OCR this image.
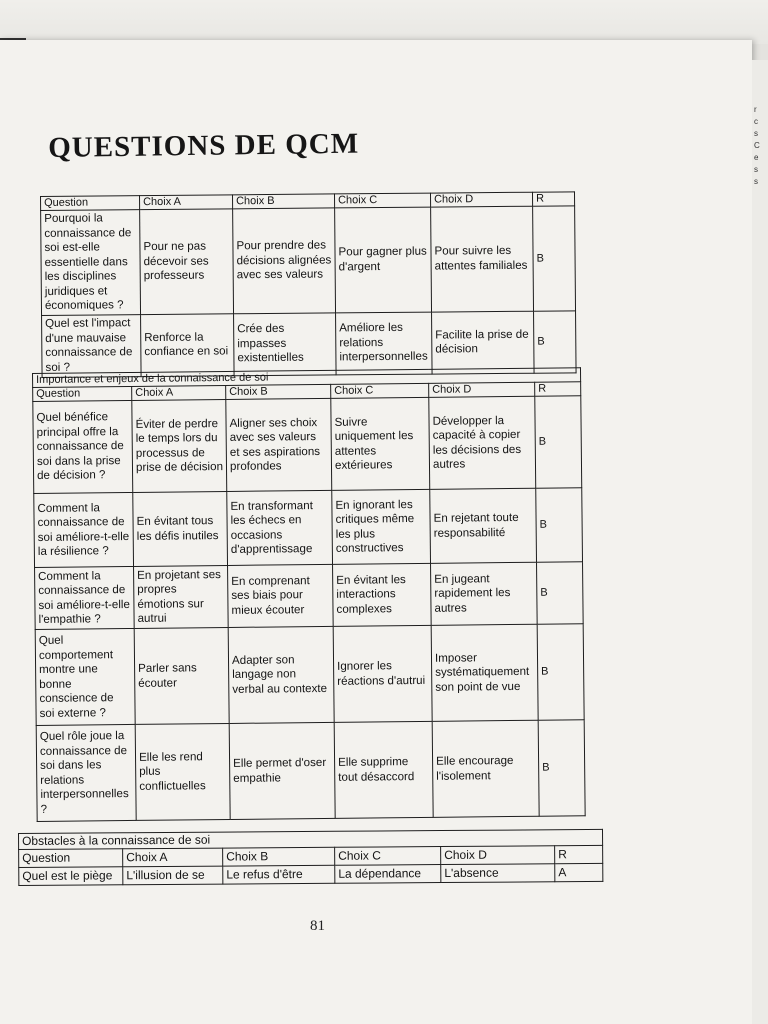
r
c
s
C
e
s
s
QUESTIONS DE QCM
Question	Choix A	Choix B	Choix C	Choix D	R
Pourquoi la connaissance de soi est-elle essentielle dans les disciplines juridiques et économiques ?	Pour ne pas décevoir ses professeurs	Pour prendre des décisions alignées avec ses valeurs	Pour gagner plus d'argent	Pour suivre les attentes familiales	B
Quel est l'impact d'une mauvaise connaissance de soi ?	Renforce la confiance en soi	Crée des impasses existentielles	Améliore les relations interpersonnelles	Facilite la prise de décision	B
Importance et enjeux de la connaissance de soi					
Question	Choix A	Choix B	Choix C	Choix D	R
Quel bénéfice principal offre la connaissance de soi dans la prise de décision ?	Éviter de perdre le temps lors du processus de prise de décision	Aligner ses choix avec ses valeurs et ses aspirations profondes	Suivre uniquement les attentes extérieures	Développer la capacité à copier les décisions des autres	B
Comment la connaissance de soi améliore-t-elle la résilience ?	En évitant tous les défis inutiles	En transformant les échecs en occasions d'apprentissage	En ignorant les critiques même les plus constructives	En rejetant toute responsabilité	B
Comment la connaissance de soi améliore-t-elle l'empathie ?	En projetant ses propres émotions sur autrui	En comprenant ses biais pour mieux écouter	En évitant les interactions complexes	En jugeant rapidement les autres	B
Quel comportement montre une bonne conscience de soi externe ?	Parler sans écouter	Adapter son langage non verbal au contexte	Ignorer les réactions d'autrui	Imposer systématiquement son point de vue	B
Quel rôle joue la connaissance de soi dans les relations interpersonnelles ?	Elle les rend plus conflictuelles	Elle permet d'oser empathie	Elle supprime tout désaccord	Elle encourage l'isolement	B
Obstacles à la connaissance de soi					
Question	Choix A	Choix B	Choix C	Choix D	R
Quel est le piège	L'illusion de se	Le refus d'être	La dépendance	L'absence	A
81
